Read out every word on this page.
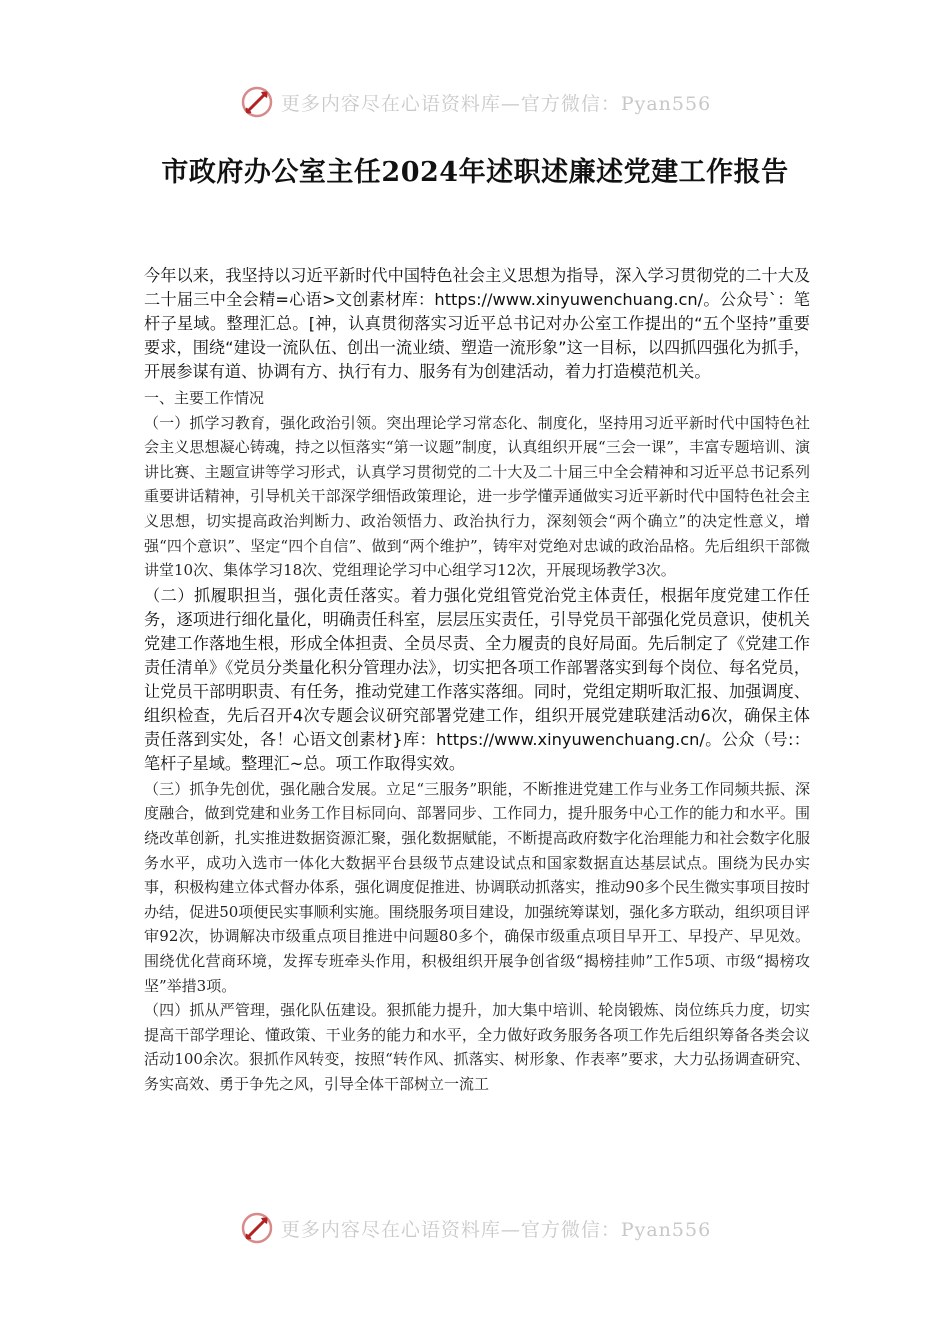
更多内容尽在心语资料库—官方微信：Pyan556
市政府办公室主任2024年述职述廉述党建工作报告

今年以来，我坚持以习近平新时代中国特色社会主义思想为指导，深入学习贯彻党的二十大及二十届三中全会精=心语>文创素材库：https://www.xinyuwenchuang.cn/。公众号`：笔杆子星域。整理汇总。[神，认真贯彻落实习近平总书记对办公室工作提出的“五个坚持”重要要求，围绕“建设一流队伍、创出一流业绩、塑造一流形象”这一目标，以四抓四强化为抓手，开展参谋有道、协调有方、执行有力、服务有为创建活动，着力打造模范机关。

一、主要工作情况

（一）抓学习教育，强化政治引领。突出理论学习常态化、制度化，坚持用习近平新时代中国特色社会主义思想凝心铸魂，持之以恒落实“第一议题”制度，认真组织开展“三会一课”，丰富专题培训、演讲比赛、主题宣讲等学习形式，认真学习贯彻党的二十大及二十届三中全会精神和习近平总书记系列重要讲话精神，引导机关干部深学细悟政策理论，进一步学懂弄通做实习近平新时代中国特色社会主义思想，切实提高政治判断力、政治领悟力、政治执行力，深刻领会“两个确立”的决定性意义，增强“四个意识”、坚定“四个自信”、做到“两个维护”，铸牢对党绝对忠诚的政治品格。先后组织干部微讲堂10次、集体学习18次、党组理论学习中心组学习12次，开展现场教学3次。

（二）抓履职担当，强化责任落实。着力强化党组管党治党主体责任，根据年度党建工作任务，逐项进行细化量化，明确责任科室，层层压实责任，引导党员干部强化党员意识，使机关党建工作落地生根，形成全体担责、全员尽责、全力履责的良好局面。先后制定了《党建工作责任清单》《党员分类量化积分管理办法》，切实把各项工作部署落实到每个岗位、每名党员，让党员干部明职责、有任务，推动党建工作落实落细。同时，党组定期听取汇报、加强调度、组织检查，先后召开4次专题会议研究部署党建工作，组织开展党建联建活动6次，确保主体责任落到实处，各！心语文创素材}库：https://www.xinyuwenchuang.cn/。公众（号:：笔杆子星域。整理汇~总。项工作取得实效。

（三）抓争先创优，强化融合发展。立足“三服务”职能，不断推进党建工作与业务工作同频共振、深度融合，做到党建和业务工作目标同向、部署同步、工作同力，提升服务中心工作的能力和水平。围绕改革创新，扎实推进数据资源汇聚，强化数据赋能，不断提高政府数字化治理能力和社会数字化服务水平，成功入选市一体化大数据平台县级节点建设试点和国家数据直达基层试点。围绕为民办实事，积极构建立体式督办体系，强化调度促推进、协调联动抓落实，推动90多个民生微实事项目按时办结，促进50项便民实事顺利实施。围绕服务项目建设，加强统筹谋划，强化多方联动，组织项目评审92次，协调解决市级重点项目推进中问题80多个，确保市级重点项目早开工、早投产、早见效。围绕优化营商环境，发挥专班牵头作用，积极组织开展争创省级“揭榜挂帅”工作5项、市级“揭榜攻坚”举措3项。

（四）抓从严管理，强化队伍建设。狠抓能力提升，加大集中培训、轮岗锻炼、岗位练兵力度，切实提高干部学理论、懂政策、干业务的能力和水平，全力做好政务服务各项工作先后组织筹备各类会议活动100余次。狠抓作风转变，按照“转作风、抓落实、树形象、作表率”要求，大力弘扬调查研究、务实高效、勇于争先之风，引导全体干部树立一流工

更多内容尽在心语资料库—官方微信：Pyan556
